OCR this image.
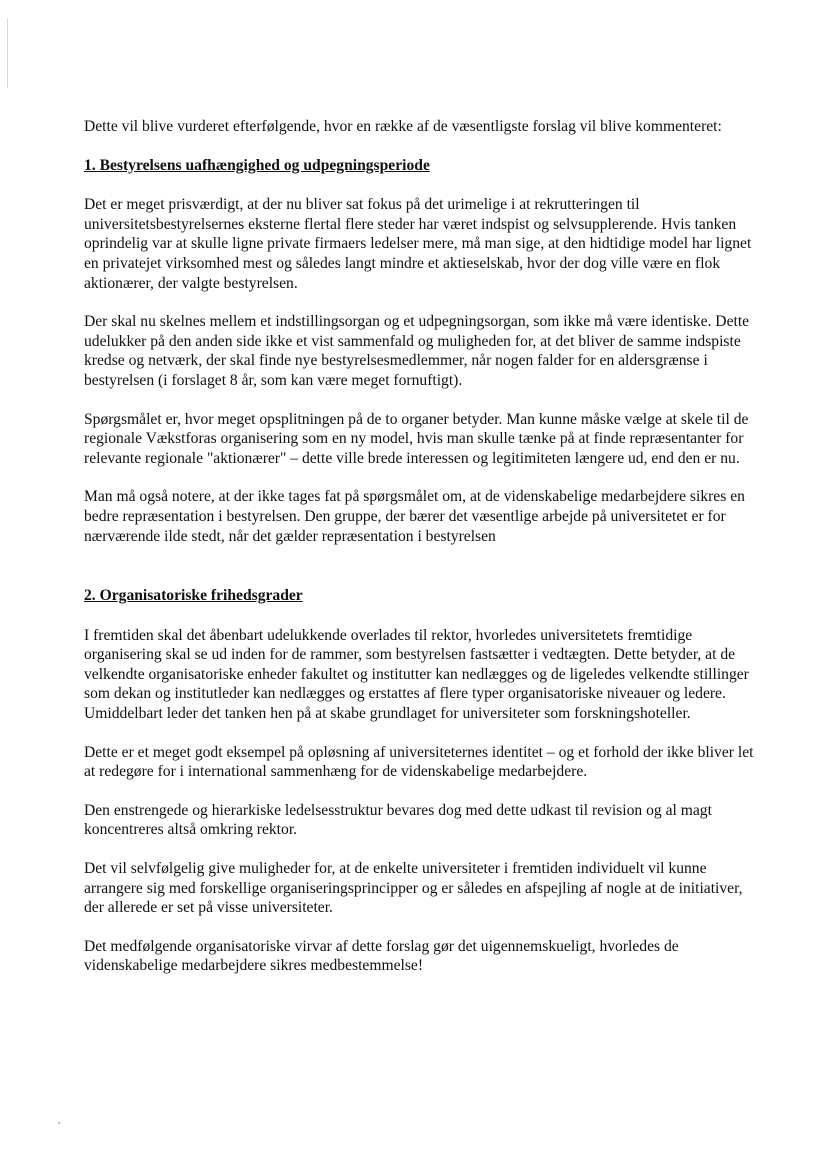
Dette vil blive vurderet efterfølgende, hvor en række af de væsentligste forslag vil blive kommenteret:

1. Bestyrelsens uafhængighed og udpegningsperiode

Det er meget prisværdigt, at der nu bliver sat fokus på det urimelige i at rekrutteringen til universitetsbestyrelsernes eksterne flertal flere steder har været indspist og selvsupplerende. Hvis tanken oprindelig var at skulle ligne private firmaers ledelser mere, må man sige, at den hidtidige model har lignet en privatejet virksomhed mest og således langt mindre et aktieselskab, hvor der dog ville være en flok aktionærer, der valgte bestyrelsen.

Der skal nu skelnes mellem et indstillingsorgan og et udpegningsorgan, som ikke må være identiske. Dette udelukker på den anden side ikke et vist sammenfald og muligheden for, at det bliver de samme indspiste kredse og netværk, der skal finde nye bestyrelsesmedlemmer, når nogen falder for en aldersgrænse i bestyrelsen (i forslaget 8 år, som kan være meget fornuftigt).

Spørgsmålet er, hvor meget opsplitningen på de to organer betyder. Man kunne måske vælge at skele til de regionale Vækstforas organisering som en ny model, hvis man skulle tænke på at finde repræsentanter for relevante regionale "aktionærer" – dette ville brede interessen og legitimiteten længere ud, end den er nu.

Man må også notere, at der ikke tages fat på spørgsmålet om, at de videnskabelige medarbejdere sikres en bedre repræsentation i bestyrelsen. Den gruppe, der bærer det væsentlige arbejde på universitetet er for nærværende ilde stedt, når det gælder repræsentation i bestyrelsen

2. Organisatoriske frihedsgrader

I fremtiden skal det åbenbart udelukkende overlades til rektor, hvorledes universitetets fremtidige organisering skal se ud inden for de rammer, som bestyrelsen fastsætter i vedtægten. Dette betyder, at de velkendte organisatoriske enheder fakultet og institutter kan nedlægges og de ligeledes velkendte stillinger som dekan og institutleder kan nedlægges og erstattes af flere typer organisatoriske niveauer og ledere. Umiddelbart leder det tanken hen på at skabe grundlaget for universiteter som forskningshoteller.

Dette er et meget godt eksempel på opløsning af universiteternes identitet – og et forhold der ikke bliver let at redegøre for i international sammenhæng for de videnskabelige medarbejdere.

Den enstrengede og hierarkiske ledelsesstruktur bevares dog med dette udkast til revision og al magt koncentreres altså omkring rektor.

Det vil selvfølgelig give muligheder for, at de enkelte universiteter i fremtiden individuelt vil kunne arrangere sig med forskellige organiseringsprincipper og er således en afspejling af nogle at de initiativer, der allerede er set på visse universiteter.

Det medfølgende organisatoriske virvar af dette forslag gør det uigennemskueligt, hvorledes de videnskabelige medarbejdere sikres medbestemmelse!
